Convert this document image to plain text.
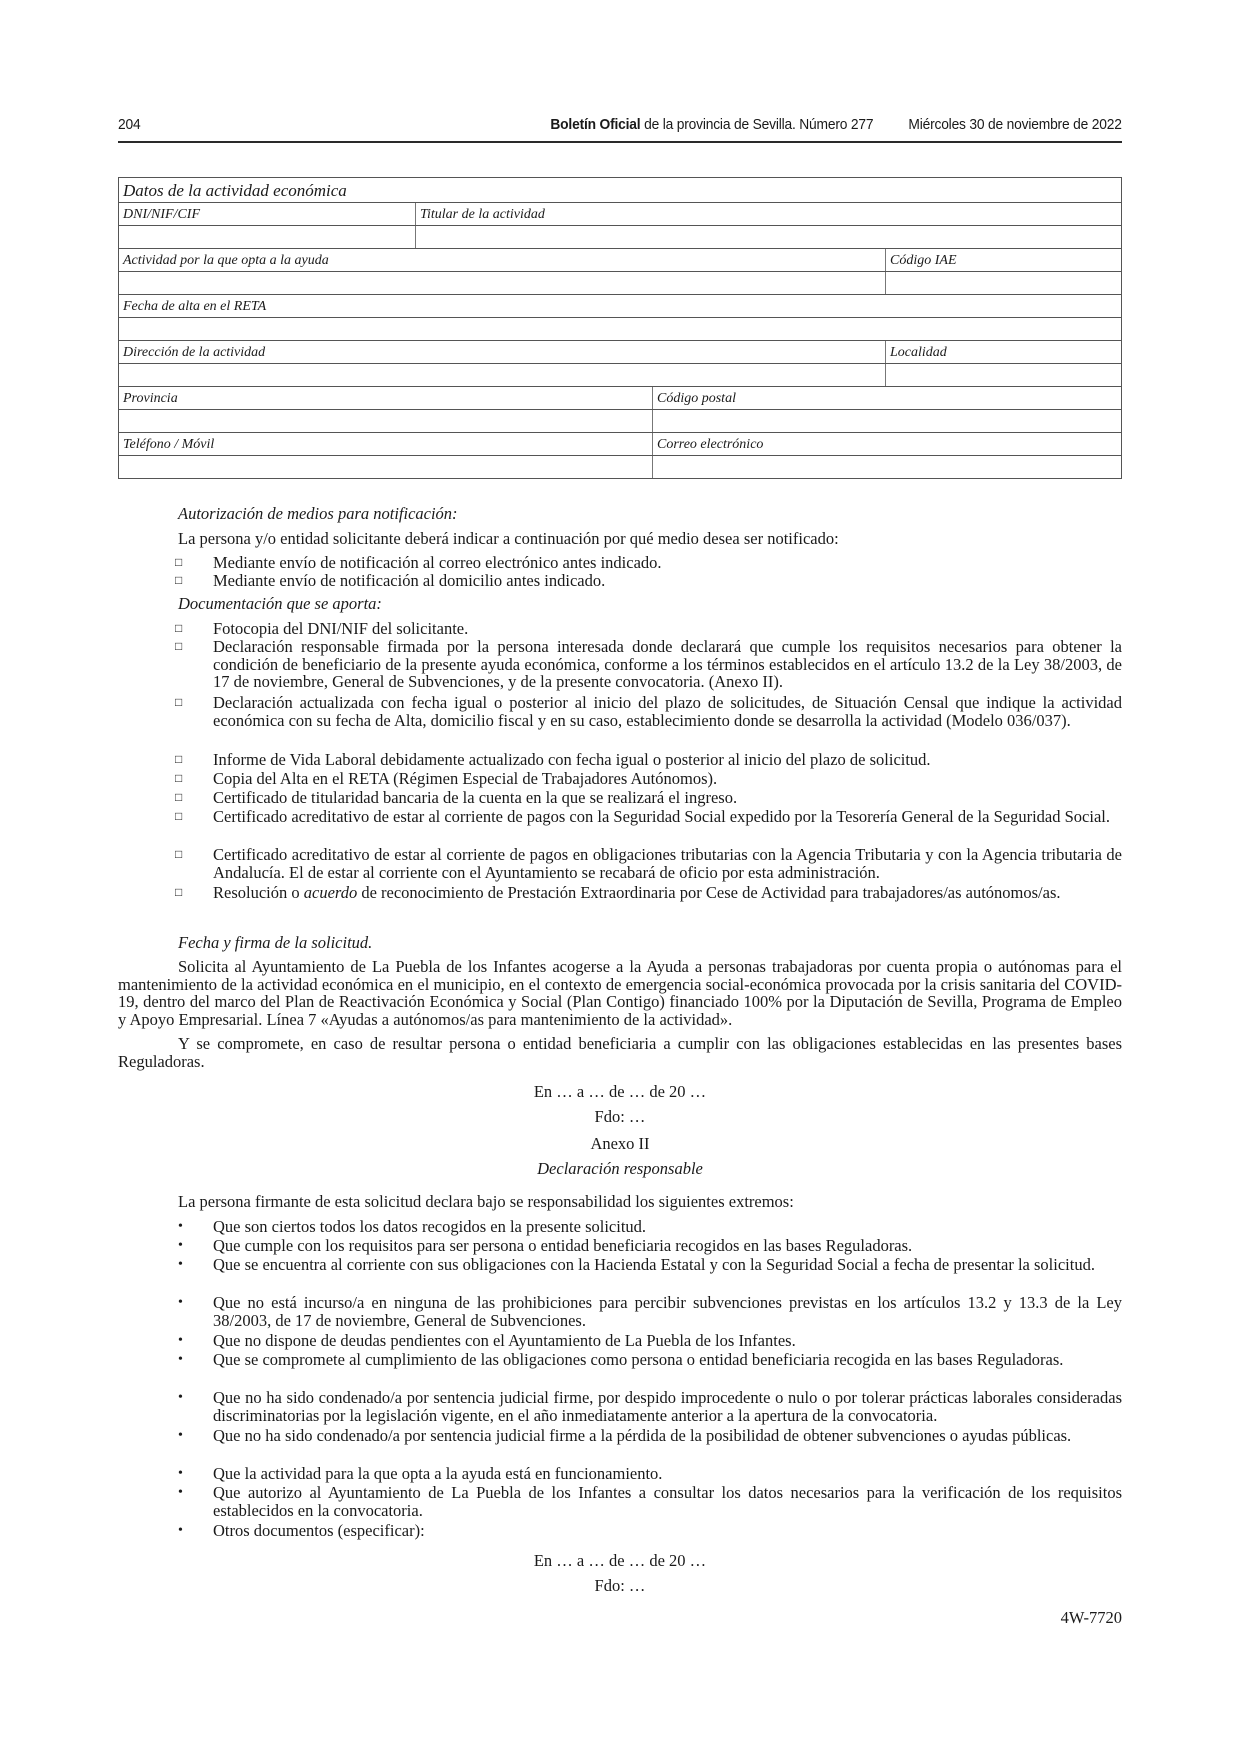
204	Boletín Oficial de la provincia de Sevilla. Número 277 Miércoles 30 de noviembre de 2022
Datos de la actividad económica
DNI/NIF/CIF	Titular de la actividad
Actividad por la que opta a la ayuda	Código IAE
Fecha de alta en el RETA
Dirección de la actividad	Localidad
Provincia	Código postal
Teléfono / Móvil	Correo electrónico
Autorización de medios para notificación:
La persona y/o entidad solicitante deberá indicar a continuación por qué medio desea ser notificado:
□ Mediante envío de notificación al correo electrónico antes indicado.
□ Mediante envío de notificación al domicilio antes indicado.
Documentación que se aporta:
□ Fotocopia del DNI/NIF del solicitante.
□ Declaración responsable firmada por la persona interesada donde declarará que cumple los requisitos necesarios para obtener la condición de beneficiario de la presente ayuda económica, conforme a los términos establecidos en el artículo 13.2 de la Ley 38/2003, de 17 de noviembre, General de Subvenciones, y de la presente convocatoria. (Anexo II).
□ Declaración actualizada con fecha igual o posterior al inicio del plazo de solicitudes, de Situación Censal que indique la actividad económica con su fecha de Alta, domicilio fiscal y en su caso, establecimiento donde se desarrolla la actividad (Modelo 036/037).
□ Informe de Vida Laboral debidamente actualizado con fecha igual o posterior al inicio del plazo de solicitud.
□ Copia del Alta en el RETA (Régimen Especial de Trabajadores Autónomos).
□ Certificado de titularidad bancaria de la cuenta en la que se realizará el ingreso.
□ Certificado acreditativo de estar al corriente de pagos con la Seguridad Social expedido por la Tesorería General de la Seguridad Social.
□ Certificado acreditativo de estar al corriente de pagos en obligaciones tributarias con la Agencia Tributaria y con la Agencia tributaria de Andalucía. El de estar al corriente con el Ayuntamiento se recabará de oficio por esta administración.
□ Resolución o acuerdo de reconocimiento de Prestación Extraordinaria por Cese de Actividad para trabajadores/as autónomos/as.
Fecha y firma de la solicitud.
Solicita al Ayuntamiento de La Puebla de los Infantes acogerse a la Ayuda a personas trabajadoras por cuenta propia o autónomas para el mantenimiento de la actividad económica en el municipio, en el contexto de emergencia social-económica provocada por la crisis sanitaria del COVID-19, dentro del marco del Plan de Reactivación Económica y Social (Plan Contigo) financiado 100% por la Diputación de Sevilla, Programa de Empleo y Apoyo Empresarial. Línea 7 «Ayudas a autónomos/as para mantenimiento de la actividad».
Y se compromete, en caso de resultar persona o entidad beneficiaria a cumplir con las obligaciones establecidas en las presentes bases Reguladoras.
En … a … de … de 20 …
Fdo: …
Anexo II
Declaración responsable
La persona firmante de esta solicitud declara bajo se responsabilidad los siguientes extremos:
• Que son ciertos todos los datos recogidos en la presente solicitud.
• Que cumple con los requisitos para ser persona o entidad beneficiaria recogidos en las bases Reguladoras.
• Que se encuentra al corriente con sus obligaciones con la Hacienda Estatal y con la Seguridad Social a fecha de presentar la solicitud.
• Que no está incurso/a en ninguna de las prohibiciones para percibir subvenciones previstas en los artículos 13.2 y 13.3 de la Ley 38/2003, de 17 de noviembre, General de Subvenciones.
• Que no dispone de deudas pendientes con el Ayuntamiento de La Puebla de los Infantes.
• Que se compromete al cumplimiento de las obligaciones como persona o entidad beneficiaria recogida en las bases Reguladoras.
• Que no ha sido condenado/a por sentencia judicial firme, por despido improcedente o nulo o por tolerar prácticas laborales consideradas discriminatorias por la legislación vigente, en el año inmediatamente anterior a la apertura de la convocatoria.
• Que no ha sido condenado/a por sentencia judicial firme a la pérdida de la posibilidad de obtener subvenciones o ayudas públicas.
• Que la actividad para la que opta a la ayuda está en funcionamiento.
• Que autorizo al Ayuntamiento de La Puebla de los Infantes a consultar los datos necesarios para la verificación de los requisitos establecidos en la convocatoria.
• Otros documentos (especificar):
En … a … de … de 20 …
Fdo: …
4W-7720
